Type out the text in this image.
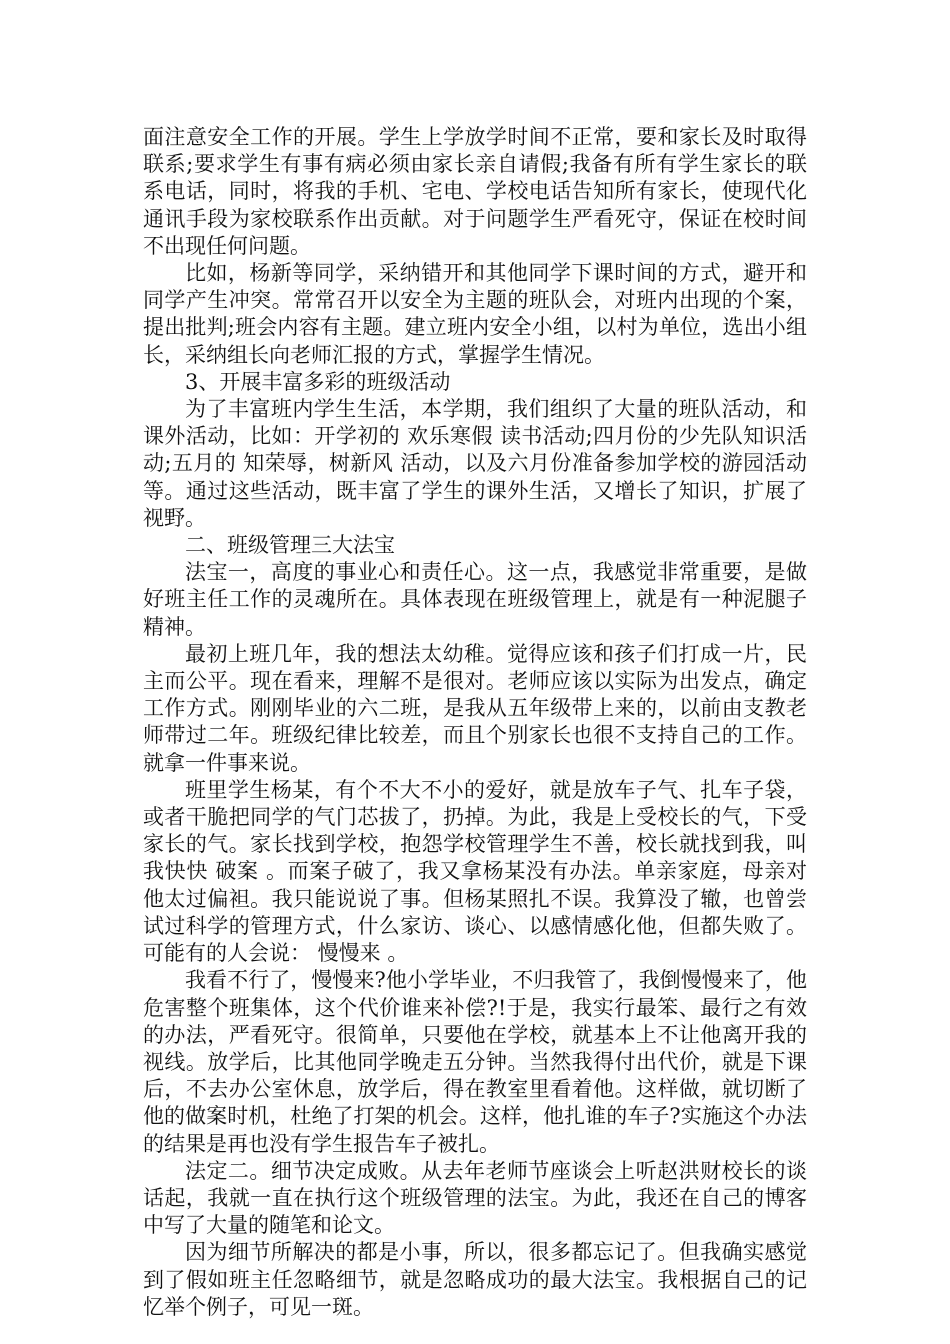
面注意安全工作的开展。学生上学放学时间不正常，要和家长及时取得联系;要求学生有事有病必须由家长亲自请假;我备有所有学生家长的联系电话，同时，将我的手机、宅电、学校电话告知所有家长，使现代化通讯手段为家校联系作出贡献。对于问题学生严看死守，保证在校时间不出现任何问题。

比如，杨新等同学，采纳错开和其他同学下课时间的方式，避开和同学产生冲突。常常召开以安全为主题的班队会，对班内出现的个案，提出批判;班会内容有主题。建立班内安全小组，以村为单位，选出小组长，采纳组长向老师汇报的方式，掌握学生情况。

3、开展丰富多彩的班级活动

为了丰富班内学生生活，本学期，我们组织了大量的班队活动，和课外活动，比如：开学初的 欢乐寒假 读书活动;四月份的少先队知识活动;五月的 知荣辱，树新风 活动，以及六月份准备参加学校的游园活动等。通过这些活动，既丰富了学生的课外生活，又增长了知识，扩展了视野。

二、班级管理三大法宝

法宝一，高度的事业心和责任心。这一点，我感觉非常重要，是做好班主任工作的灵魂所在。具体表现在班级管理上，就是有一种泥腿子精神。

最初上班几年，我的想法太幼稚。觉得应该和孩子们打成一片，民主而公平。现在看来，理解不是很对。老师应该以实际为出发点，确定工作方式。刚刚毕业的六二班，是我从五年级带上来的，以前由支教老师带过二年。班级纪律比较差，而且个别家长也很不支持自己的工作。就拿一件事来说。

班里学生杨某，有个不大不小的爱好，就是放车子气、扎车子袋，或者干脆把同学的气门芯拔了，扔掉。为此，我是上受校长的气，下受家长的气。家长找到学校，抱怨学校管理学生不善，校长就找到我，叫我快快 破案 。而案子破了，我又拿杨某没有办法。单亲家庭，母亲对他太过偏袒。我只能说说了事。但杨某照扎不误。我算没了辙，也曾尝试过科学的管理方式，什么家访、谈心、以感情感化他，但都失败了。可能有的人会说： 慢慢来 。

我看不行了，慢慢来?他小学毕业，不归我管了，我倒慢慢来了，他危害整个班集体，这个代价谁来补偿?!于是，我实行最笨、最行之有效的办法，严看死守。很简单，只要他在学校，就基本上不让他离开我的视线。放学后，比其他同学晚走五分钟。当然我得付出代价，就是下课后，不去办公室休息，放学后，得在教室里看着他。这样做，就切断了他的做案时机，杜绝了打架的机会。这样，他扎谁的车子?实施这个办法的结果是再也没有学生报告车子被扎。

法定二。细节决定成败。从去年老师节座谈会上听赵洪财校长的谈话起，我就一直在执行这个班级管理的法宝。为此，我还在自己的博客中写了大量的随笔和论文。

因为细节所解决的都是小事，所以，很多都忘记了。但我确实感觉到了假如班主任忽略细节，就是忽略成功的最大法宝。我根据自己的记忆举个例子，可见一斑。
